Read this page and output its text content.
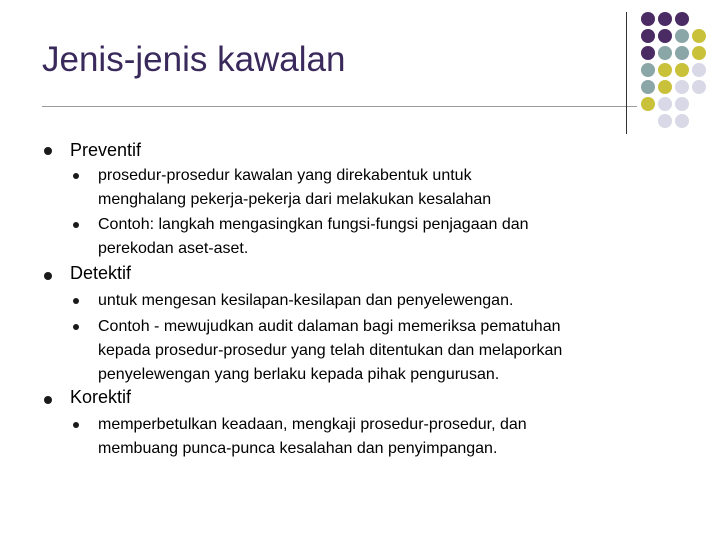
Jenis-jenis kawalan
Preventif
prosedur-prosedur kawalan yang direkabentuk untuk
menghalang pekerja-pekerja dari melakukan kesalahan
Contoh: langkah mengasingkan fungsi-fungsi penjagaan dan
perekodan aset-aset.
Detektif
untuk mengesan kesilapan-kesilapan dan penyelewengan.
Contoh - mewujudkan audit dalaman bagi memeriksa pematuhan
kepada prosedur-prosedur yang telah ditentukan dan melaporkan
penyelewengan yang berlaku kepada pihak pengurusan.
Korektif
memperbetulkan keadaan, mengkaji prosedur-prosedur, dan
membuang punca-punca kesalahan dan penyimpangan.
